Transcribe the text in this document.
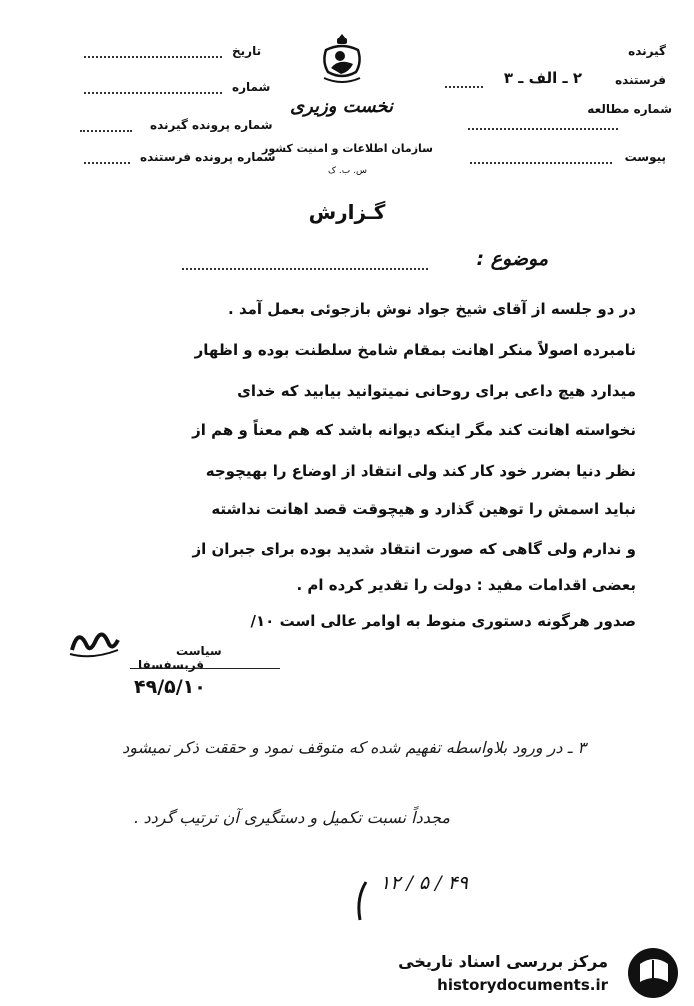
گیرنده
فرستنده
۲ ـ الف ـ ۳
شماره مطالعه
پیوست
نخست وزیری
سازمان اطلاعات و امنیت کشور
س. ب. ک
تاریخ
شماره
شماره پرونده گیرنده
شماره پرونده فرستنده
گـزارش
موضوع :
در دو جلسه از آقای شیخ جواد نوش بازجوئی بعمل آمد .
نامبرده اصولاً منکر اهانت بمقام شامخ سلطنت بوده و اظهار
میدارد هیچ داعی برای روحانی نمیتوانید بیابید که خدای
نخواسته اهانت کند مگر اینکه دیوانه باشد که هم معناً و هم از
نظر دنیا بضرر خود کار کند ولی انتقاد از اوضاع را بهیچوجه
نباید اسمش را توهین گذارد و هیچوقت قصد اهانت نداشته
و ندارم ولی گاهی که صورت انتقاد شدید بوده برای جبران از
بعضی اقدامات مفید : دولت را تقدیر کرده ام .
صدور هرگونه دستوری منوط به اوامر عالی است ۱۰/
سیاست
قربسفسفا
۴۹/۵/۱۰
۳ ـ در ورود بلاواسطه تفهیم شده که متوقف نمود و حققت ذکر نمیشود
مجدداً نسبت تکمیل و دستگیری آن ترتیب گردد .
۱۲ / ۵ / ۴۹
مرکز بررسی اسناد تاریخی
historydocuments.ir
